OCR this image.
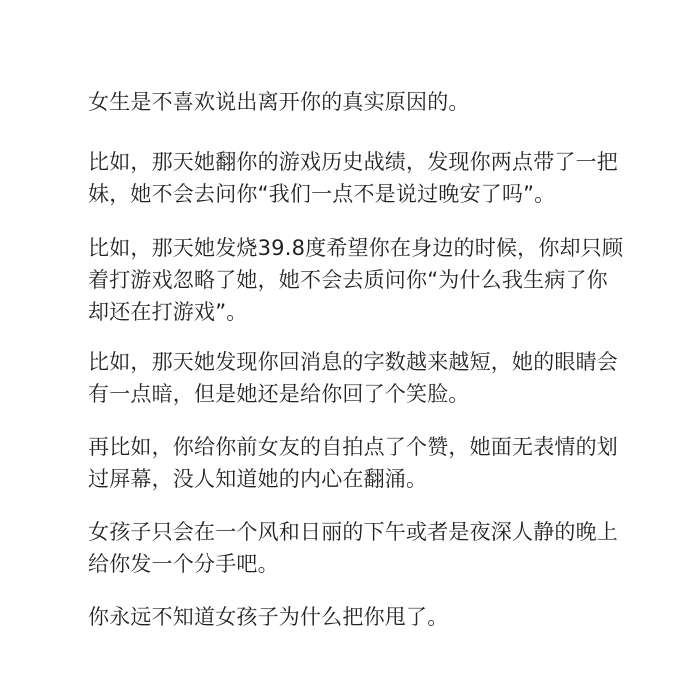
女生是不喜欢说出离开你的真实原因的。

比如，那天她翻你的游戏历史战绩，发现你两点带了一把
妹，她不会去问你“我们一点不是说过晚安了吗”。

比如，那天她发烧39.8度希望你在身边的时候，你却只顾
着打游戏忽略了她，她不会去质问你“为什么我生病了你
却还在打游戏”。

比如，那天她发现你回消息的字数越来越短，她的眼睛会
有一点暗，但是她还是给你回了个笑脸。

再比如，你给你前女友的自拍点了个赞，她面无表情的划
过屏幕，没人知道她的内心在翻涌。

女孩子只会在一个风和日丽的下午或者是夜深人静的晚上
给你发一个分手吧。

你永远不知道女孩子为什么把你甩了。
